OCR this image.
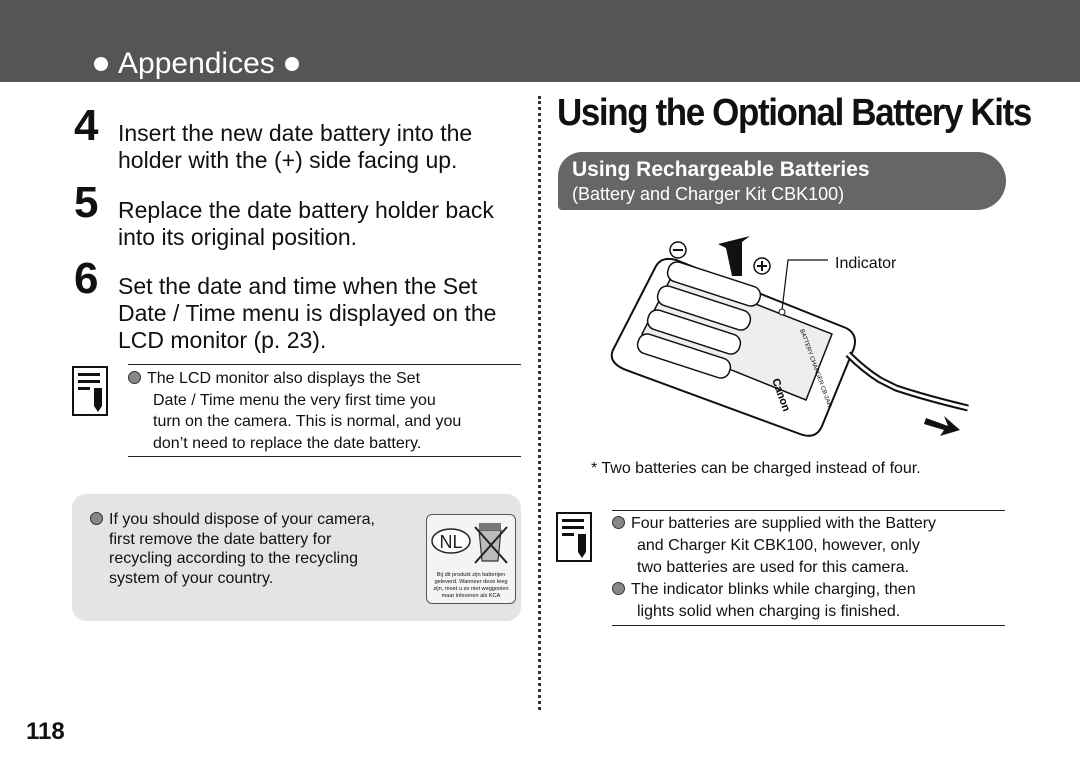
Appendices
4 Insert the new date battery into the
holder with the (+) side facing up.
5 Replace the date battery holder back
into its original position.
6 Set the date and time when the Set
Date / Time menu is displayed on the
LCD monitor (p. 23).
The LCD monitor also displays the Set
Date / Time menu the very first time you
turn on the camera. This is normal, and you
don’t need to replace the date battery.
If you should dispose of your camera,
first remove the date battery for
recycling according to the recycling
system of your country.
NL
Bij dit produkt zijn batterijen
geleverd. Wanneer deze leeg
zijn, moet u ze niet weggooien
maar inleveren als KCA
Using the Optional Battery Kits
Using Rechargeable Batteries
(Battery and Charger Kit CBK100)
Canon BATTERY CHARGER CB-2AH
Indicator
* Two batteries can be charged instead of four.
Four batteries are supplied with the Battery
and Charger Kit CBK100, however, only
two batteries are used for this camera.
The indicator blinks while charging, then
lights solid when charging is finished.
118
